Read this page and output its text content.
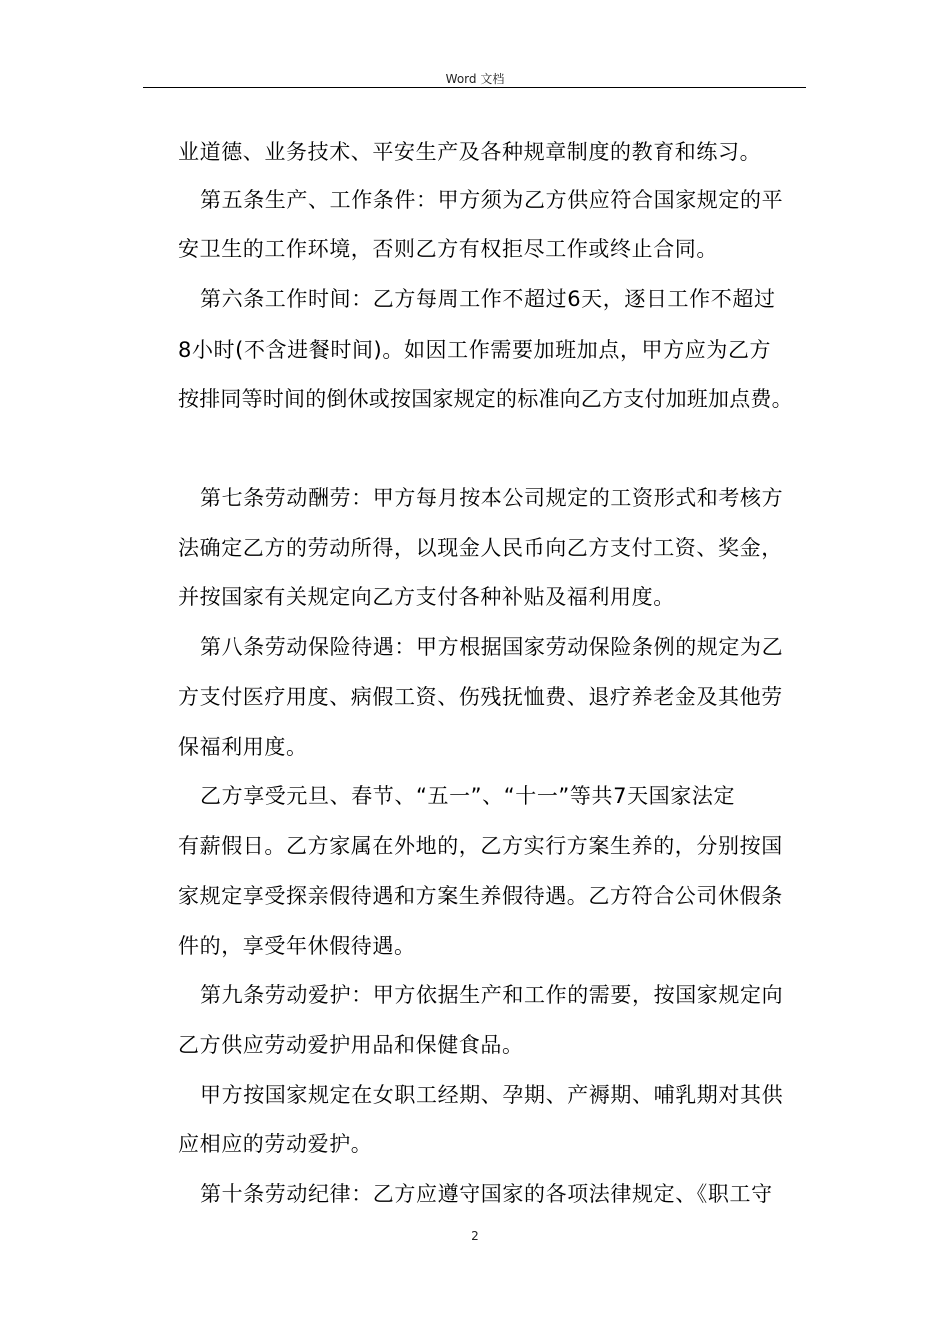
Word 文档
业道德、业务技术、平安生产及各种规章制度的教育和练习。
第五条生产、工作条件：甲方须为乙方供应符合国家规定的平
安卫生的工作环境，否则乙方有权拒尽工作或终止合同。
第六条工作时间：乙方每周工作不超过6天，逐日工作不超过
8小时(不含进餐时间)。如因工作需要加班加点，甲方应为乙方
按排同等时间的倒休或按国家规定的标准向乙方支付加班加点费。
第七条劳动酬劳：甲方每月按本公司规定的工资形式和考核方
法确定乙方的劳动所得，以现金人民币向乙方支付工资、奖金，
并按国家有关规定向乙方支付各种补贴及福利用度。
第八条劳动保险待遇：甲方根据国家劳动保险条例的规定为乙
方支付医疗用度、病假工资、伤残抚恤费、退疗养老金及其他劳
保福利用度。
乙方享受元旦、春节、“五一”、“十一”等共7天国家法定
有薪假日。乙方家属在外地的，乙方实行方案生养的，分别按国
家规定享受探亲假待遇和方案生养假待遇。乙方符合公司休假条
件的，享受年休假待遇。
第九条劳动爱护：甲方依据生产和工作的需要，按国家规定向
乙方供应劳动爱护用品和保健食品。
甲方按国家规定在女职工经期、孕期、产褥期、哺乳期对其供
应相应的劳动爱护。
第十条劳动纪律：乙方应遵守国家的各项法律规定、《职工守
2
